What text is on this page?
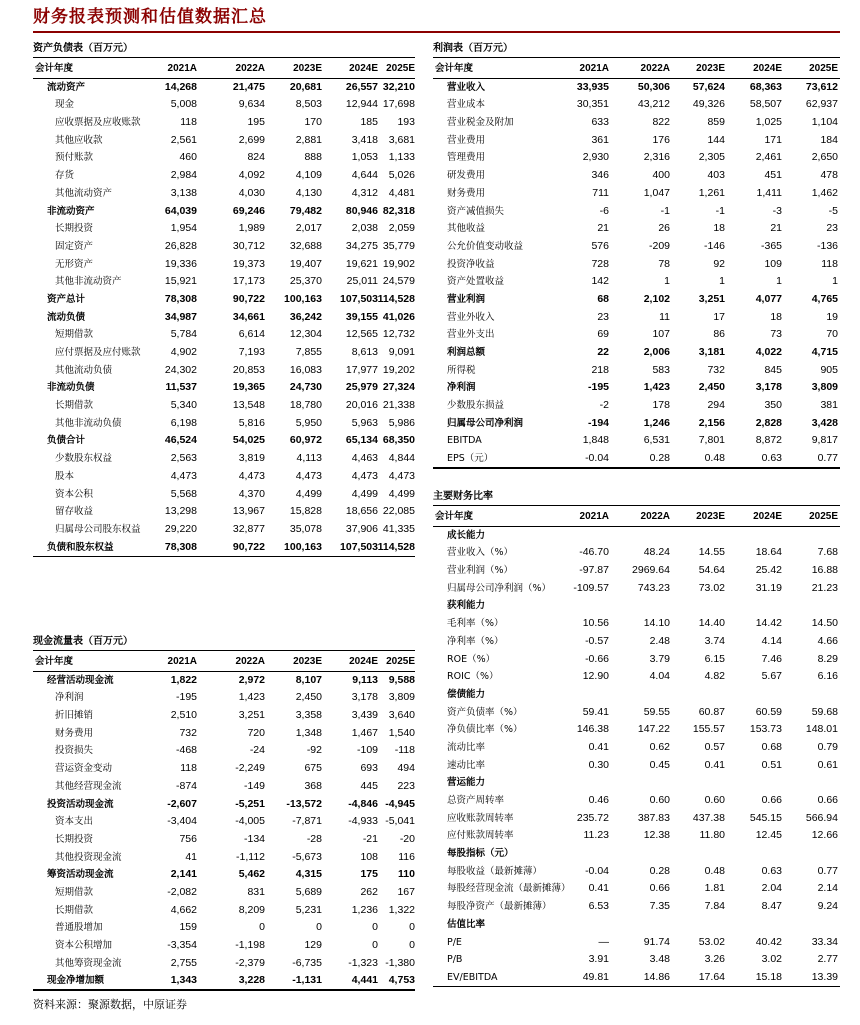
财务报表预测和估值数据汇总
资产负债表（百万元）
会计年度	2021A	2022A	2023E	2024E 2025E
流动资产	14,268	21,475 20,681 26,557 32,210
现金	5,008	9,634	8,503 12,944 17,698
应收票据及应收账款	118	195	170	185 193
其他应收款	2,561	2,699	2,881	3,418 3,681
预付账款	460	824	888	1,053 1,133
存货	2,984	4,092	4,109	4,644 5,026
其他流动资产	3,138	4,030	4,130	4,312 4,481
非流动资产	64,039	69,246 79,482 80,946 82,318
长期投资	1,954	1,989	2,017	2,038 2,059
固定资产	26,828	30,712 32,688 34,275 35,779
无形资产	19,336	19,373 19,407 19,621 19,902
其他非流动资产	15,921	17,173 25,370 25,011 24,579
资产总计	78,308	90,722 100,163 107,503 114,528
流动负债	34,987	34,661 36,242 39,155 41,026
短期借款	5,784	6,614 12,304 12,565 12,732
应付票据及应付账款	4,902	7,193	7,855	8,613 9,091
其他流动负债	24,302	20,853 16,083 17,977 19,202
非流动负债	11,537	19,365 24,730 25,979 27,324
长期借款	5,340	13,548 18,780 20,016 21,338
其他非流动负债	6,198	5,816	5,950	5,963 5,986
负债合计	46,524	54,025 60,972 65,134 68,350
少数股东权益	2,563	3,819	4,113	4,463 4,844
股本	4,473	4,473	4,473	4,473 4,473
资本公积	5,568	4,370	4,499	4,499 4,499
留存收益	13,298	13,967 15,828 18,656 22,085
归属母公司股东权益 29,220	32,877 35,078 37,906 41,335
负债和股东权益	78,308	90,722 100,163 107,503 114,528
现金流量表（百万元）
会计年度	2021A	2022A	2023E	2024E 2025E
经营活动现金流	1,822	2,972	8,107	9,113 9,588
净利润	-195	1,423	2,450	3,178 3,809
折旧摊销	2,510	3,251	3,358	3,439 3,640
财务费用	732	720	1,348	1,467 1,540
投资损失	-468	-24	-92	-109 -118
营运资金变动	118	-2,249	675	693 494
其他经营现金流	-874	-149	368	445 223
投资活动现金流	-2,607	-5,251 -13,572 -4,846 -4,945
资本支出	-3,404	-4,005	-7,871 -4,933 -5,041
长期投资	756	-134	-28	-21 -20
其他投资现金流	41	-1,112	-5,673	108 116
筹资活动现金流	2,141	5,462	4,315	175 110
短期借款	-2,082	831	5,689	262 167
长期借款	4,662	8,209	5,231	1,236 1,322
普通股增加	159	0	0	0	0
资本公积增加	-3,354	-1,198	129	0	0
其他筹资现金流	2,755	-2,379	-6,735 -1,323 -1,380
现金净增加额	1,343	3,228	-1,131	4,441 4,753
利润表（百万元）
会计年度	2021A	2022A	2023E	2024E	2025E
营业收入	33,935	50,306 57,624 68,363 73,612
营业成本	30,351	43,212 49,326 58,507 62,937
营业税金及附加	633	822	859	1,025	1,104
营业费用	361	176	144	171	184
管理费用	2,930	2,316	2,305	2,461	2,650
研发费用	346	400	403	451	478
财务费用	711	1,047	1,261	1,411	1,462
资产减值损失	-6	-1	-1	-3	-5
其他收益	21	26	18	21	23
公允价值变动收益	576	-209	-146	-365	-136
投资净收益	728	78	92	109	118
资产处置收益	142	1	1	1	1
营业利润	68	2,102	3,251	4,077	4,765
营业外收入	23	11	17	18	19
营业外支出	69	107	86	73	70
利润总额	22	2,006	3,181	4,022	4,715
所得税	218	583	732	845	905
净利润	-195	1,423	2,450	3,178	3,809
少数股东损益	-2	178	294	350	381
归属母公司净利润	-194	1,246	2,156	2,828	3,428
EBITDA	1,848	6,531	7,801	8,872	9,817
EPS（元）	-0.04	0.28	0.48	0.63	0.77
主要财务比率
会计年度	2021A	2022A	2023E	2024E	2025E
成长能力
营业收入（%）	-46.70	48.24	14.55	18.64	7.68
营业利润（%）	-97.87 2969.64	54.64	25.42	16.88
归属母公司净利润（%） -109.57	743.23	73.02	31.19	21.23
获利能力
毛利率（%）	10.56	14.10	14.40	14.42	14.50
净利率（%）	-0.57	2.48	3.74	4.14	4.66
ROE（%）	-0.66	3.79	6.15	7.46	8.29
ROIC（%）	12.90	4.04	4.82	5.67	6.16
偿债能力
资产负债率（%）	59.41	59.55	60.87	60.59	59.68
净负债比率（%）	146.38	147.22 155.57 153.73 148.01
流动比率	0.41	0.62	0.57	0.68	0.79
速动比率	0.30	0.45	0.41	0.51	0.61
营运能力
总资产周转率	0.46	0.60	0.60	0.66	0.66
应收账款周转率	235.72	387.83 437.38 545.15 566.94
应付账款周转率	11.23	12.38	11.80	12.45	12.66
每股指标（元）
每股收益（最新摊薄）	-0.04	0.28	0.48	0.63	0.77
每股经营现金流（最新摊薄） 0.41	0.66	1.81	2.04	2.14
每股净资产（最新摊薄）	6.53	7.35	7.84	8.47	9.24
估值比率
P/E	—	91.74	53.02	40.42	33.34
P/B	3.91	3.48	3.26	3.02	2.77
EV/EBITDA	49.81	14.86	17.64	15.18	13.39
资料来源：聚源数据，中原证券
